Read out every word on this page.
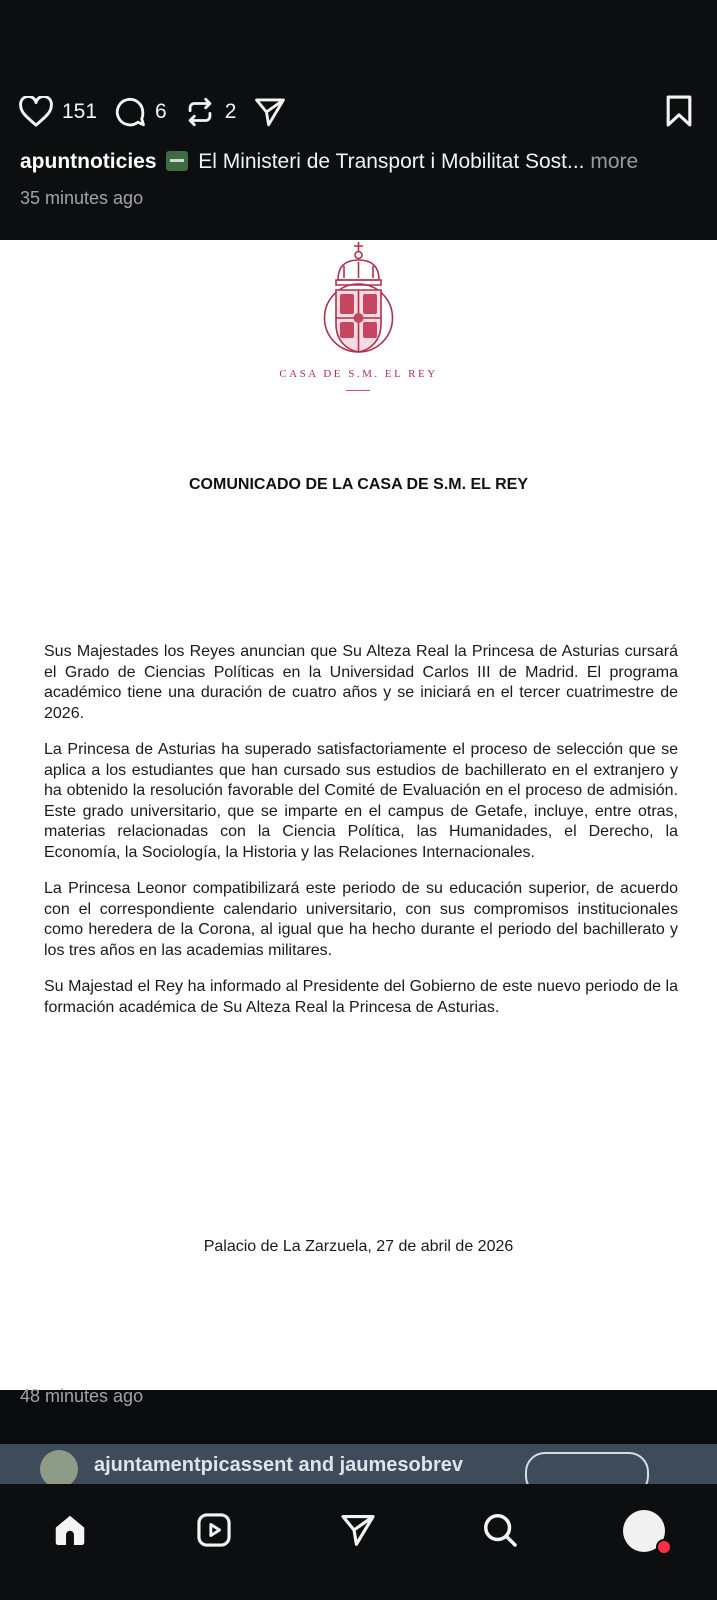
151	6	2
apuntnoticies El Ministeri de Transport i Mobilitat Sost... more
35 minutes ago
CASA DE S.M. EL REY
COMUNICADO DE LA CASA DE S.M. EL REY

Sus Majestades los Reyes anuncian que Su Alteza Real la Princesa de Asturias cursará el Grado de Ciencias Políticas en la Universidad Carlos III de Madrid. El programa académico tiene una duración de cuatro años y se iniciará en el tercer cuatrimestre de 2026.

La Princesa de Asturias ha superado satisfactoriamente el proceso de selección que se aplica a los estudiantes que han cursado sus estudios de bachillerato en el extranjero y ha obtenido la resolución favorable del Comité de Evaluación en el proceso de admisión. Este grado universitario, que se imparte en el campus de Getafe, incluye, entre otras, materias relacionadas con la Ciencia Política, las Humanidades, el Derecho, la Economía, la Sociología, la Historia y las Relaciones Internacionales.

La Princesa Leonor compatibilizará este periodo de su educación superior, de acuerdo con el correspondiente calendario universitario, con sus compromisos institucionales como heredera de la Corona, al igual que ha hecho durante el periodo del bachillerato y los tres años en las academias militares.

Su Majestad el Rey ha informado al Presidente del Gobierno de este nuevo periodo de la formación académica de Su Alteza Real la Princesa de Asturias.

Palacio de La Zarzuela, 27 de abril de 2026
48 minutes ago
ajuntamentpicassent and jaumesobrev
